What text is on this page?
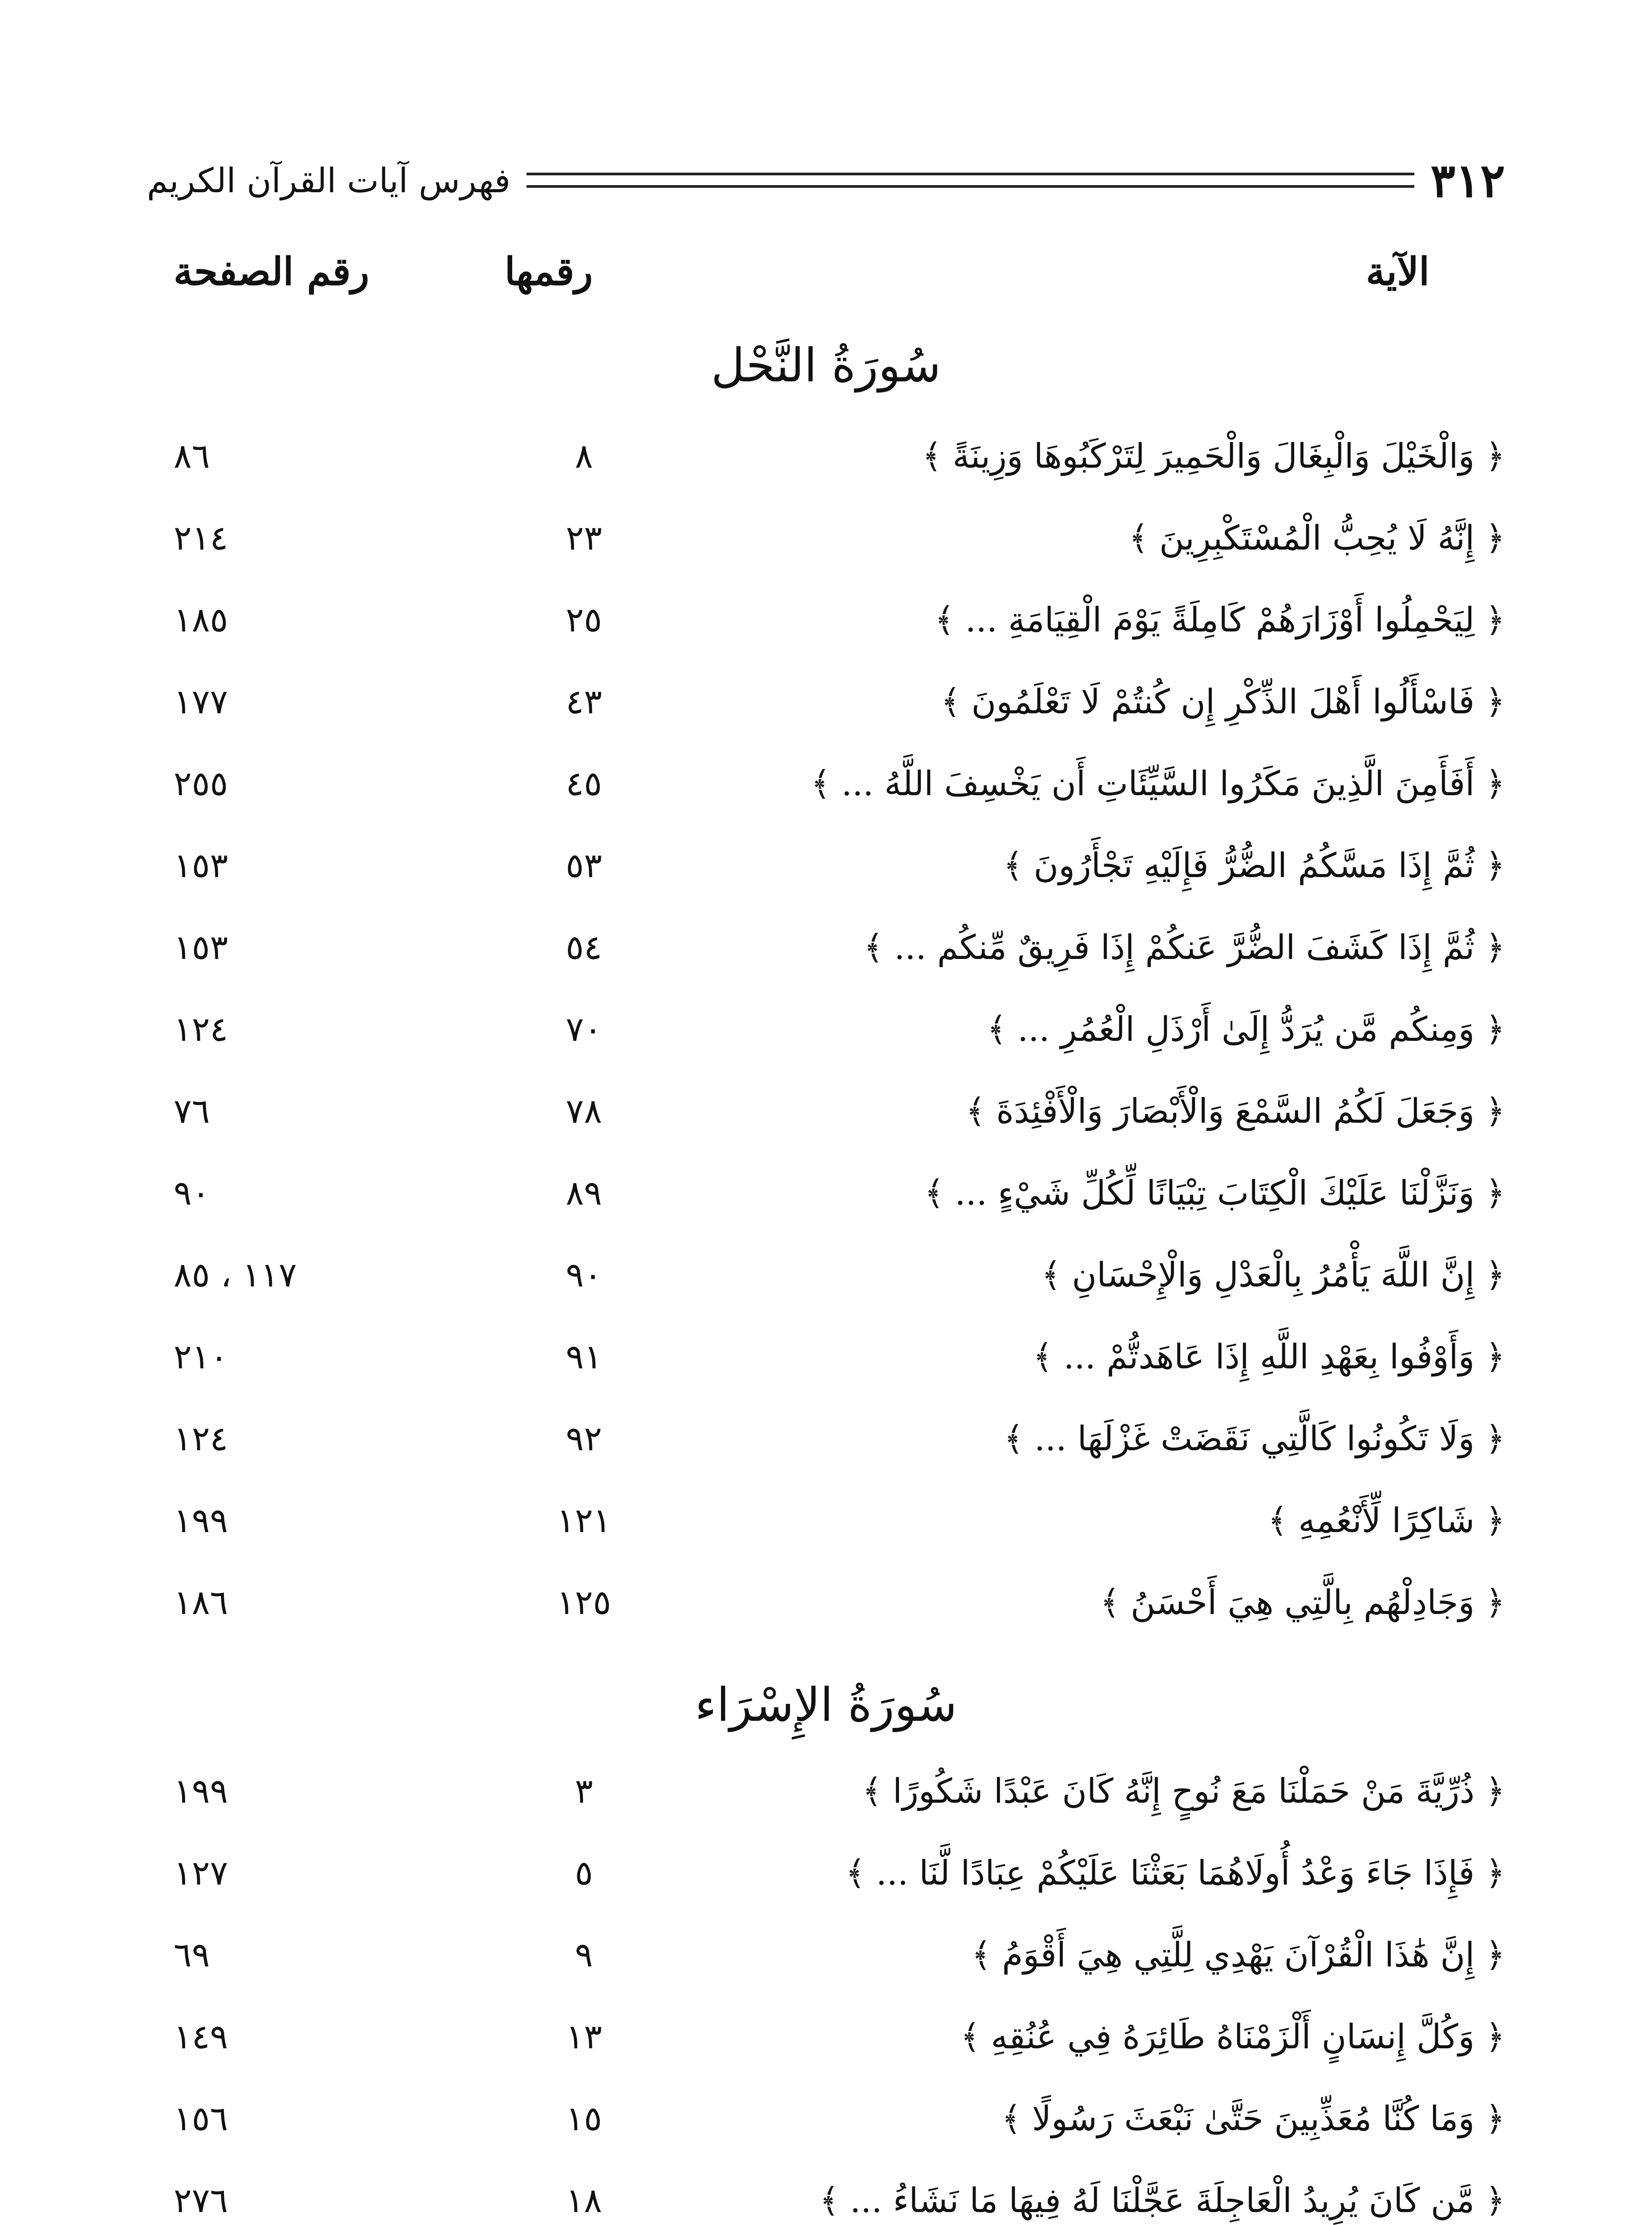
٣١٢
فهرس آيات القرآن الكريم
الآية
رقمها
رقم الصفحة
سُورَةُ النَّحْل
﴿ وَالْخَيْلَ وَالْبِغَالَ وَالْحَمِيرَ لِتَرْكَبُوهَا وَزِينَةً ﴾
٨
٨٦
﴿ إِنَّهُ لَا يُحِبُّ الْمُسْتَكْبِرِينَ ﴾
٢٣
٢١٤
﴿ لِيَحْمِلُوا أَوْزَارَهُمْ كَامِلَةً يَوْمَ الْقِيَامَةِ ... ﴾
٢٥
١٨٥
﴿ فَاسْأَلُوا أَهْلَ الذِّكْرِ إِن كُنتُمْ لَا تَعْلَمُونَ ﴾
٤٣
١٧٧
﴿ أَفَأَمِنَ الَّذِينَ مَكَرُوا السَّيِّئَاتِ أَن يَخْسِفَ اللَّهُ ... ﴾
٤٥
٢٥٥
﴿ ثُمَّ إِذَا مَسَّكُمُ الضُّرُّ فَإِلَيْهِ تَجْأَرُونَ ﴾
٥٣
١٥٣
﴿ ثُمَّ إِذَا كَشَفَ الضُّرَّ عَنكُمْ إِذَا فَرِيقٌ مِّنكُم ... ﴾
٥٤
١٥٣
﴿ وَمِنكُم مَّن يُرَدُّ إِلَىٰ أَرْذَلِ الْعُمُرِ ... ﴾
٧٠
١٢٤
﴿ وَجَعَلَ لَكُمُ السَّمْعَ وَالْأَبْصَارَ وَالْأَفْئِدَةَ ﴾
٧٨
٧٦
﴿ وَنَزَّلْنَا عَلَيْكَ الْكِتَابَ تِبْيَانًا لِّكُلِّ شَيْءٍ ... ﴾
٨٩
٩٠
﴿ إِنَّ اللَّهَ يَأْمُرُ بِالْعَدْلِ وَالْإِحْسَانِ ﴾
٩٠
١١٧ ، ٨٥
﴿ وَأَوْفُوا بِعَهْدِ اللَّهِ إِذَا عَاهَدتُّمْ ... ﴾
٩١
٢١٠
﴿ وَلَا تَكُونُوا كَالَّتِي نَقَضَتْ غَزْلَهَا ... ﴾
٩٢
١٢٤
﴿ شَاكِرًا لِّأَنْعُمِهِ ﴾
١٢١
١٩٩
﴿ وَجَادِلْهُم بِالَّتِي هِيَ أَحْسَنُ ﴾
١٢٥
١٨٦
سُورَةُ الإِسْرَاء
﴿ ذُرِّيَّةَ مَنْ حَمَلْنَا مَعَ نُوحٍ إِنَّهُ كَانَ عَبْدًا شَكُورًا ﴾
٣
١٩٩
﴿ فَإِذَا جَاءَ وَعْدُ أُولَاهُمَا بَعَثْنَا عَلَيْكُمْ عِبَادًا لَّنَا ... ﴾
٥
١٢٧
﴿ إِنَّ هَٰذَا الْقُرْآنَ يَهْدِي لِلَّتِي هِيَ أَقْوَمُ ﴾
٩
٦٩
﴿ وَكُلَّ إِنسَانٍ أَلْزَمْنَاهُ طَائِرَهُ فِي عُنُقِهِ ﴾
١٣
١٤٩
﴿ وَمَا كُنَّا مُعَذِّبِينَ حَتَّىٰ نَبْعَثَ رَسُولًا ﴾
١٥
١٥٦
﴿ مَّن كَانَ يُرِيدُ الْعَاجِلَةَ عَجَّلْنَا لَهُ فِيهَا مَا نَشَاءُ ... ﴾
١٨
٢٧٦
